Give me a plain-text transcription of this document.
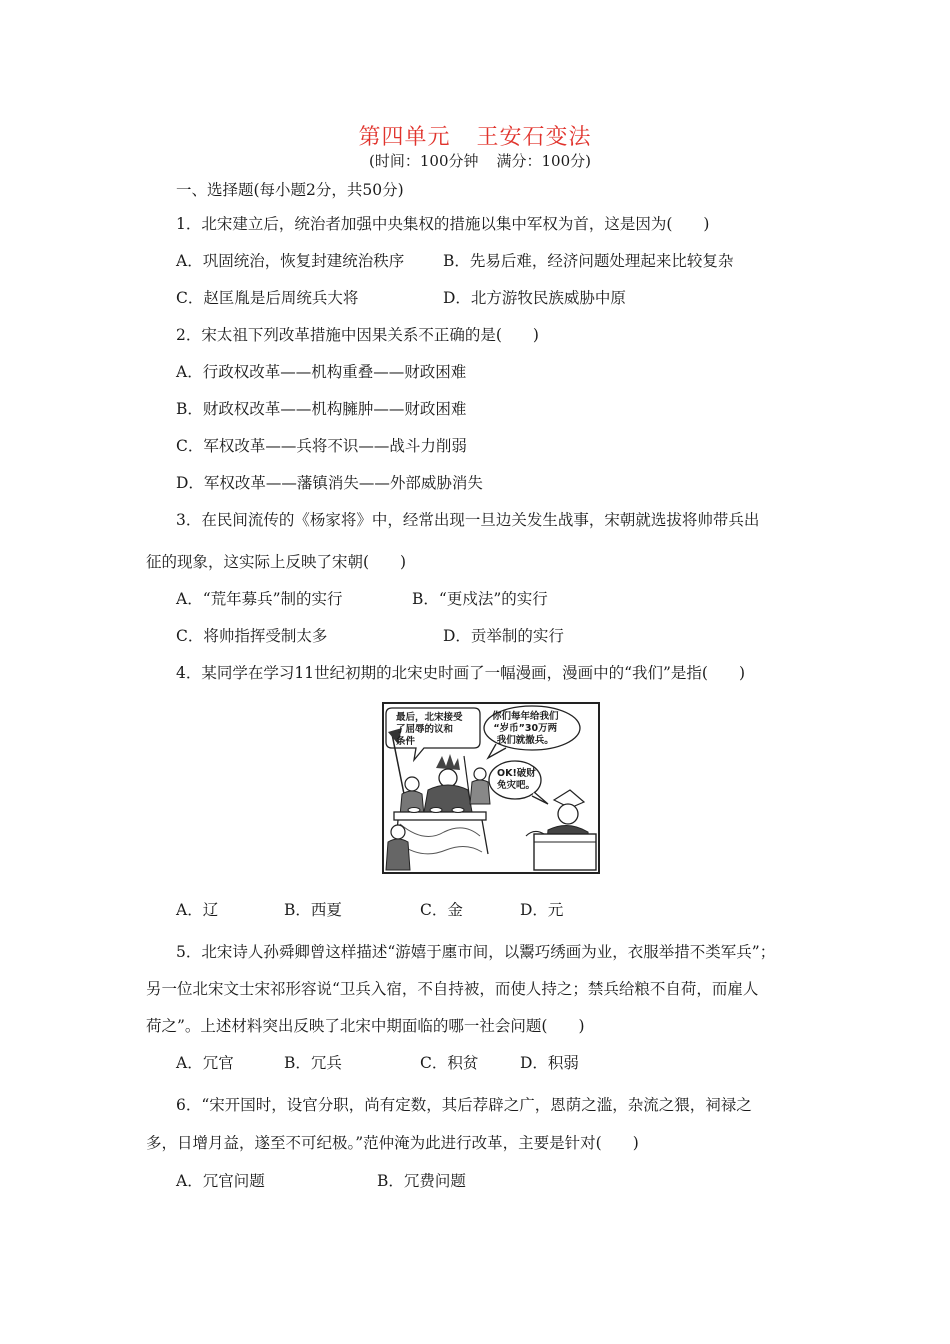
第四单元 王安石变法
(时间：100分钟 满分：100分)
一、选择题(每小题2分，共50分)
1．北宋建立后，统治者加强中央集权的措施以集中军权为首，这是因为(　　)
A．巩固统治，恢复封建统治秩序	B．先易后难，经济问题处理起来比较复杂
C．赵匡胤是后周统兵大将	D．北方游牧民族威胁中原
2．宋太祖下列改革措施中因果关系不正确的是(　　)
A．行政权改革——机构重叠——财政困难
B．财政权改革——机构臃肿——财政困难
C．军权改革——兵将不识——战斗力削弱
D．军权改革——藩镇消失——外部威胁消失
3．在民间流传的《杨家将》中，经常出现一旦边关发生战事，宋朝就选拔将帅带兵出
征的现象，这实际上反映了宋朝(　　)
A．“荒年募兵”制的实行	B．“更戍法”的实行
C．将帅指挥受制太多	D．贡举制的实行
4．某同学在学习11世纪初期的北宋史时画了一幅漫画，漫画中的“我们”是指(　　)
最后，北宋接受
了屈辱的议和
条件
你们每年给我们
“岁币”30万两
我们就撤兵。
OK!破财
免灾吧。
A．辽	B．西夏	C．金	D．元
5．北宋诗人孙舜卿曾这样描述“游嬉于廛市间，以鬻巧绣画为业，衣服举措不类军兵”；
另一位北宋文士宋祁形容说“卫兵入宿，不自持被，而使人持之；禁兵给粮不自荷，而雇人
荷之”。上述材料突出反映了北宋中期面临的哪一社会问题(　　)
A．冗官	B．冗兵	C．积贫	D．积弱
6．“宋开国时，设官分职，尚有定数，其后荐辟之广，恩荫之滥，杂流之猥，祠禄之
多，日增月益，遂至不可纪极。”范仲淹为此进行改革，主要是针对(　　)
A．冗官问题	B．冗费问题
